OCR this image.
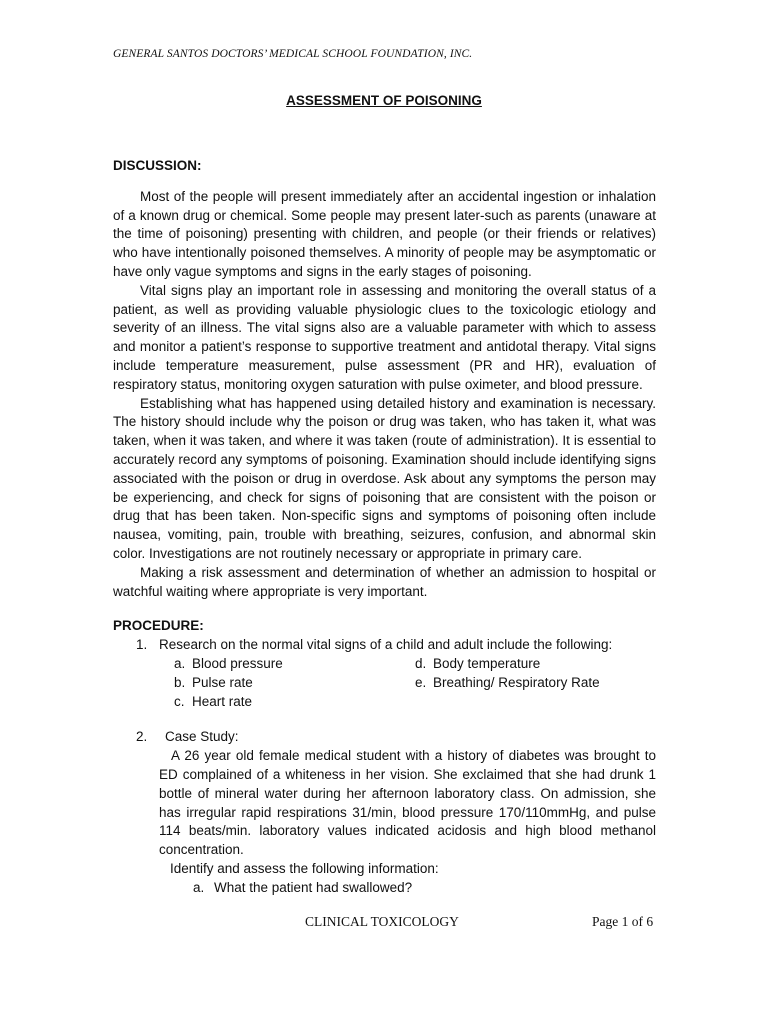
GENERAL SANTOS DOCTORS’ MEDICAL SCHOOL FOUNDATION, INC.
ASSESSMENT OF POISONING

DISCUSSION:

Most of the people will present immediately after an accidental ingestion or inhalation of a known drug or chemical. Some people may present later-such as parents (unaware at the time of poisoning) presenting with children, and people (or their friends or relatives) who have intentionally poisoned themselves. A minority of people may be asymptomatic or have only vague symptoms and signs in the early stages of poisoning.

Vital signs play an important role in assessing and monitoring the overall status of a patient, as well as providing valuable physiologic clues to the toxicologic etiology and severity of an illness. The vital signs also are a valuable parameter with which to assess and monitor a patient’s response to supportive treatment and antidotal therapy. Vital signs include temperature measurement, pulse assessment (PR and HR), evaluation of respiratory status, monitoring oxygen saturation with pulse oximeter, and blood pressure.

Establishing what has happened using detailed history and examination is necessary. The history should include why the poison or drug was taken, who has taken it, what was taken, when it was taken, and where it was taken (route of administration). It is essential to accurately record any symptoms of poisoning. Examination should include identifying signs associated with the poison or drug in overdose. Ask about any symptoms the person may be experiencing, and check for signs of poisoning that are consistent with the poison or drug that has been taken. Non-specific signs and symptoms of poisoning often include nausea, vomiting, pain, trouble with breathing, seizures, confusion, and abnormal skin color. Investigations are not routinely necessary or appropriate in primary care.

Making a risk assessment and determination of whether an admission to hospital or watchful waiting where appropriate is very important.

PROCEDURE:

1. Research on the normal vital signs of a child and adult include the following:
a. Blood pressure
b. Pulse rate
c. Heart rate
d. Body temperature
e. Breathing/ Respiratory Rate
2. Case Study:

A 26 year old female medical student with a history of diabetes was brought to ED complained of a whiteness in her vision. She exclaimed that she had drunk 1 bottle of mineral water during her afternoon laboratory class. On admission, she has irregular rapid respirations 31/min, blood pressure 170/110mmHg, and pulse 114 beats/min. laboratory values indicated acidosis and high blood methanol concentration.

Identify and assess the following information:

a. What the patient had swallowed?
CLINICAL TOXICOLOGY	Page 1 of 6
